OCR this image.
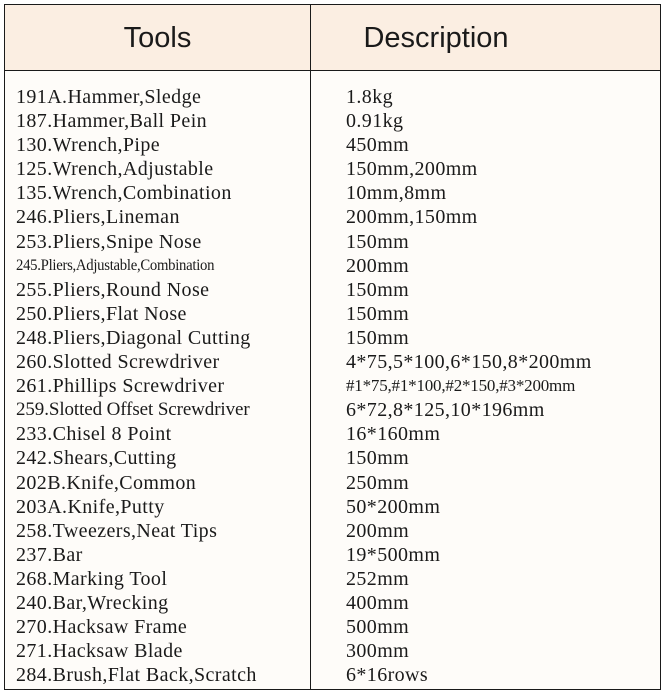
Tools	Description
191A.Hammer,Sledge	1.8kg
187.Hammer,Ball Pein	0.91kg
130.Wrench,Pipe	450mm
125.Wrench,Adjustable	150mm,200mm
135.Wrench,Combination	10mm,8mm
246.Pliers,Lineman	200mm,150mm
253.Pliers,Snipe Nose	150mm
245.Pliers,Adjustable,Combination	200mm
255.Pliers,Round Nose	150mm
250.Pliers,Flat Nose	150mm
248.Pliers,Diagonal Cutting	150mm
260.Slotted Screwdriver	4*75,5*100,6*150,8*200mm
261.Phillips Screwdriver	#1*75,#1*100,#2*150,#3*200mm
259.Slotted Offset Screwdriver	6*72,8*125,10*196mm
233.Chisel 8 Point	16*160mm
242.Shears,Cutting	150mm
202B.Knife,Common	250mm
203A.Knife,Putty	50*200mm
258.Tweezers,Neat Tips	200mm
237.Bar	19*500mm
268.Marking Tool	252mm
240.Bar,Wrecking	400mm
270.Hacksaw Frame	500mm
271.Hacksaw Blade	300mm
284.Brush,Flat Back,Scratch	6*16rows
